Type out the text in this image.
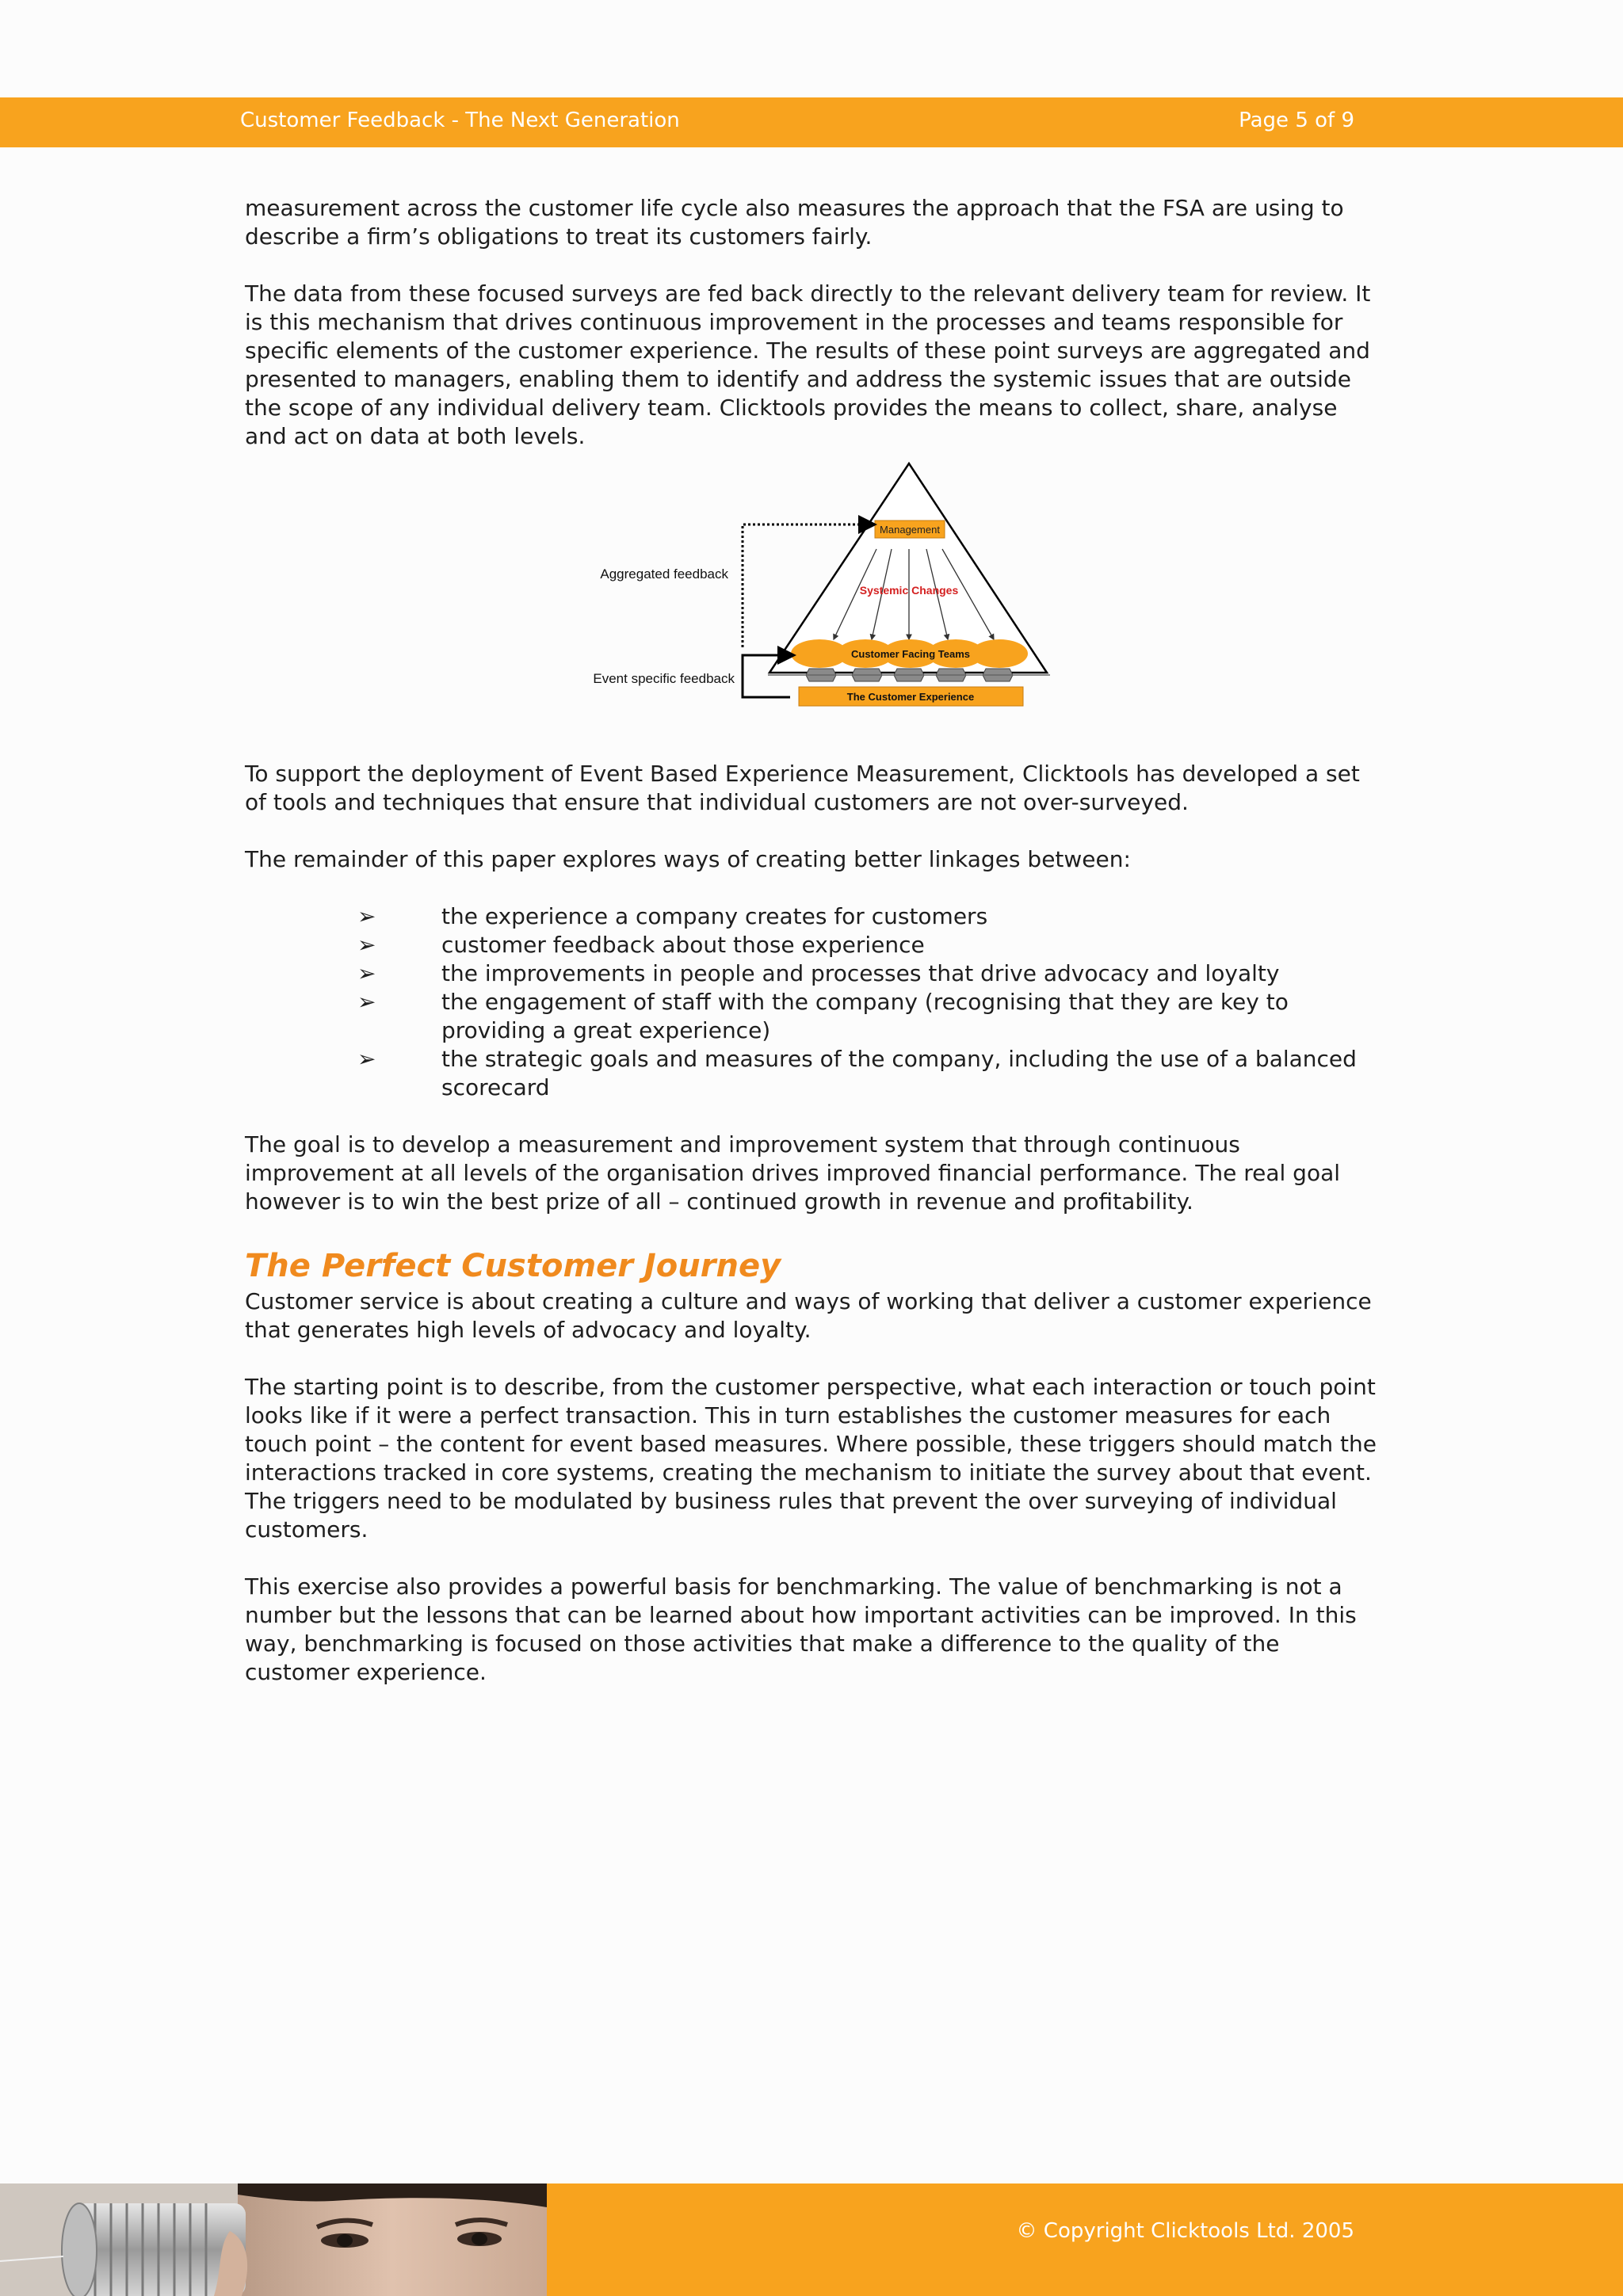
Customer Feedback - The Next Generation	Page 5 of 9

measurement across the customer life cycle also measures the approach that the FSA are using to describe a firm’s obligations to treat its customers fairly.

The data from these focused surveys are fed back directly to the relevant delivery team for review. It is this mechanism that drives continuous improvement in the processes and teams responsible for specific elements of the customer experience. The results of these point surveys are aggregated and presented to managers, enabling them to identify and address the systemic issues that are outside the scope of any individual delivery team. Clicktools provides the means to collect, share, analyse and act on data at both levels.

Management
Systemic Changes
Customer Facing Teams
The Customer Experience
Aggregated feedback
Event specific feedback

To support the deployment of Event Based Experience Measurement, Clicktools has developed a set of tools and techniques that ensure that individual customers are not over-surveyed.

The remainder of this paper explores ways of creating better linkages between:

➢	the experience a company creates for customers
➢	customer feedback about those experience
➢	the improvements in people and processes that drive advocacy and loyalty
➢	the engagement of staff with the company (recognising that they are key to providing a great experience)
➢	the strategic goals and measures of the company, including the use of a balanced scorecard

The goal is to develop a measurement and improvement system that through continuous improvement at all levels of the organisation drives improved financial performance. The real goal however is to win the best prize of all – continued growth in revenue and profitability.

The Perfect Customer Journey

Customer service is about creating a culture and ways of working that deliver a customer experience that generates high levels of advocacy and loyalty.

The starting point is to describe, from the customer perspective, what each interaction or touch point looks like if it were a perfect transaction. This in turn establishes the customer measures for each touch point – the content for event based measures. Where possible, these triggers should match the interactions tracked in core systems, creating the mechanism to initiate the survey about that event. The triggers need to be modulated by business rules that prevent the over surveying of individual customers.

This exercise also provides a powerful basis for benchmarking. The value of benchmarking is not a number but the lessons that can be learned about how important activities can be improved. In this way, benchmarking is focused on those activities that make a difference to the quality of the customer experience.

© Copyright Clicktools Ltd. 2005
